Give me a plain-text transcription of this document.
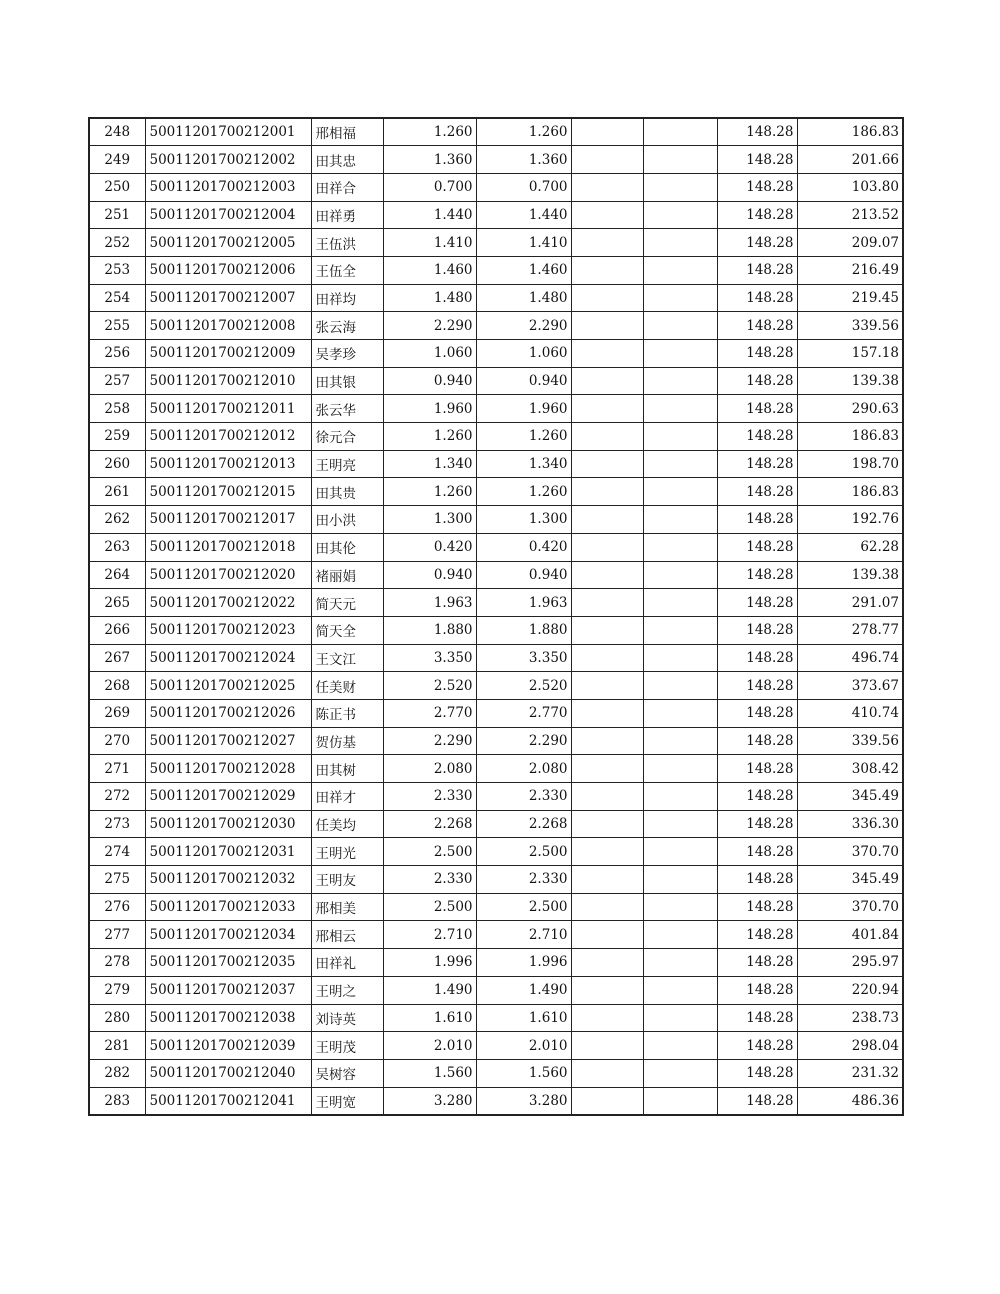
248	50011201700212001	邢相福	1.260	1.260			148.28	186.83
249	50011201700212002	田其忠	1.360	1.360			148.28	201.66
250	50011201700212003	田祥合	0.700	0.700			148.28	103.80
251	50011201700212004	田祥勇	1.440	1.440			148.28	213.52
252	50011201700212005	王伍洪	1.410	1.410			148.28	209.07
253	50011201700212006	王伍全	1.460	1.460			148.28	216.49
254	50011201700212007	田祥均	1.480	1.480			148.28	219.45
255	50011201700212008	张云海	2.290	2.290			148.28	339.56
256	50011201700212009	吴孝珍	1.060	1.060			148.28	157.18
257	50011201700212010	田其银	0.940	0.940			148.28	139.38
258	50011201700212011	张云华	1.960	1.960			148.28	290.63
259	50011201700212012	徐元合	1.260	1.260			148.28	186.83
260	50011201700212013	王明亮	1.340	1.340			148.28	198.70
261	50011201700212015	田其贵	1.260	1.260			148.28	186.83
262	50011201700212017	田小洪	1.300	1.300			148.28	192.76
263	50011201700212018	田其伦	0.420	0.420			148.28	62.28
264	50011201700212020	褚丽娟	0.940	0.940			148.28	139.38
265	50011201700212022	简天元	1.963	1.963			148.28	291.07
266	50011201700212023	简天全	1.880	1.880			148.28	278.77
267	50011201700212024	王文江	3.350	3.350			148.28	496.74
268	50011201700212025	任美财	2.520	2.520			148.28	373.67
269	50011201700212026	陈正书	2.770	2.770			148.28	410.74
270	50011201700212027	贺仿基	2.290	2.290			148.28	339.56
271	50011201700212028	田其树	2.080	2.080			148.28	308.42
272	50011201700212029	田祥才	2.330	2.330			148.28	345.49
273	50011201700212030	任美均	2.268	2.268			148.28	336.30
274	50011201700212031	王明光	2.500	2.500			148.28	370.70
275	50011201700212032	王明友	2.330	2.330			148.28	345.49
276	50011201700212033	邢相美	2.500	2.500			148.28	370.70
277	50011201700212034	邢相云	2.710	2.710			148.28	401.84
278	50011201700212035	田祥礼	1.996	1.996			148.28	295.97
279	50011201700212037	王明之	1.490	1.490			148.28	220.94
280	50011201700212038	刘诗英	1.610	1.610			148.28	238.73
281	50011201700212039	王明茂	2.010	2.010			148.28	298.04
282	50011201700212040	吴树容	1.560	1.560			148.28	231.32
283	50011201700212041	王明宽	3.280	3.280			148.28	486.36
